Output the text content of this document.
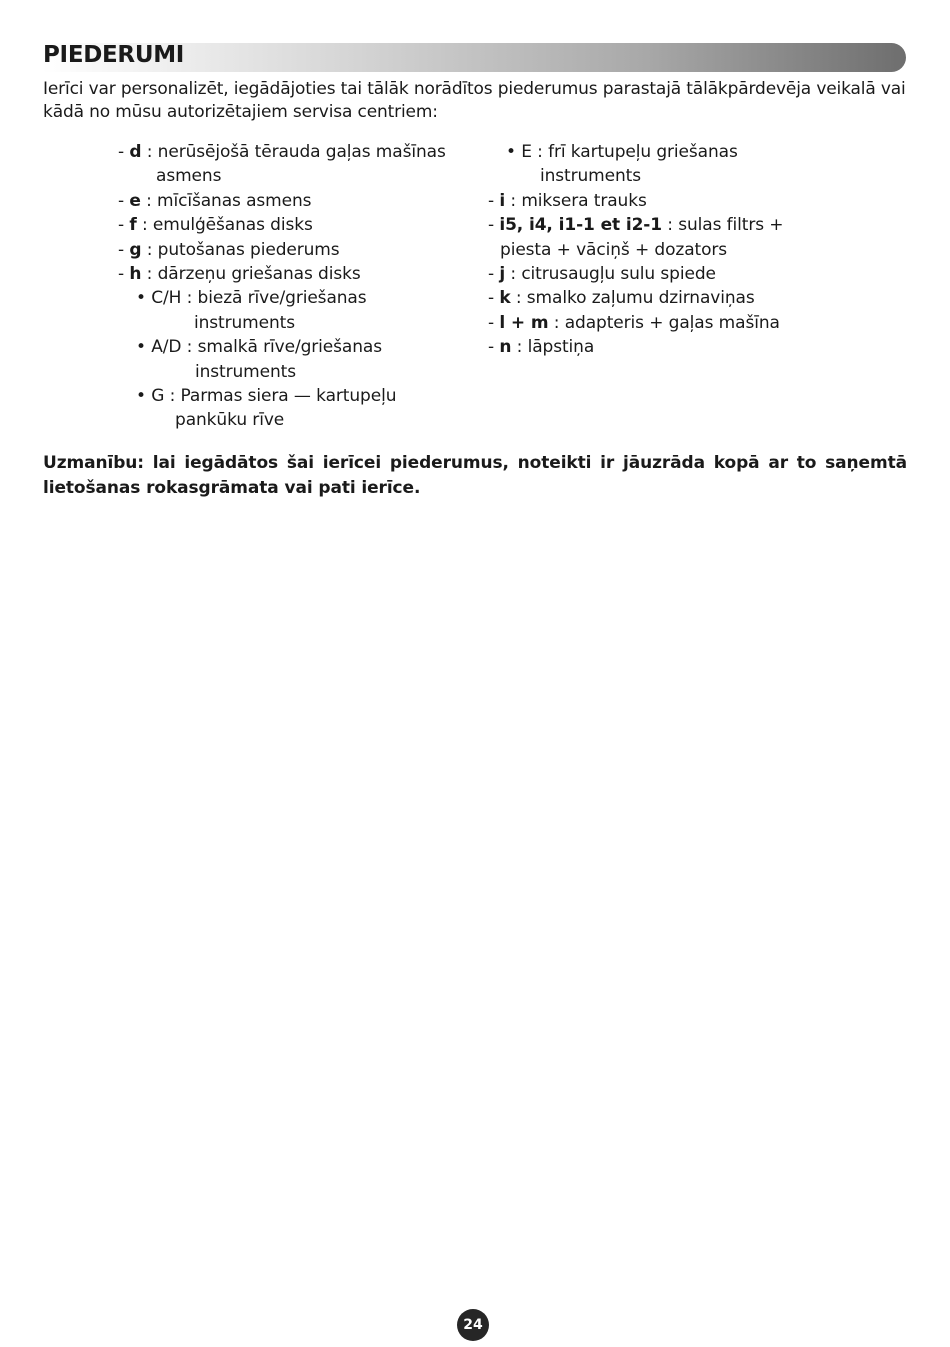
PIEDERUMI
Ierīci var personalizēt, iegādājoties tai tālāk norādītos piederumus parastajā tālākpārdevēja veikalā vai kādā no mūsu autorizētajiem servisa centriem:
- d : nerūsējošā tērauda gaļas mašīnas
asmens
- e : mīcīšanas asmens
- f : emulģēšanas disks
- g : putošanas piederums
- h : dārzeņu griešanas disks
• C/H : biezā rīve/griešanas
instruments
• A/D : smalkā rīve/griešanas
instruments
• G : Parmas siera — kartupeļu
pankūku rīve
• E : frī kartupeļu griešanas
instruments
- i : miksera trauks
- i5, i4, i1-1 et i2-1 : sulas filtrs +
piesta + vāciņš + dozators
- j : citrusaugļu sulu spiede
- k : smalko zaļumu dzirnaviņas
- l + m : adapteris + gaļas mašīna
- n : lāpstiņa
Uzmanību: lai iegādātos šai ierīcei piederumus, noteikti ir jāuzrāda kopā ar to saņemtā lietošanas rokasgrāmata vai pati ierīce.
24
